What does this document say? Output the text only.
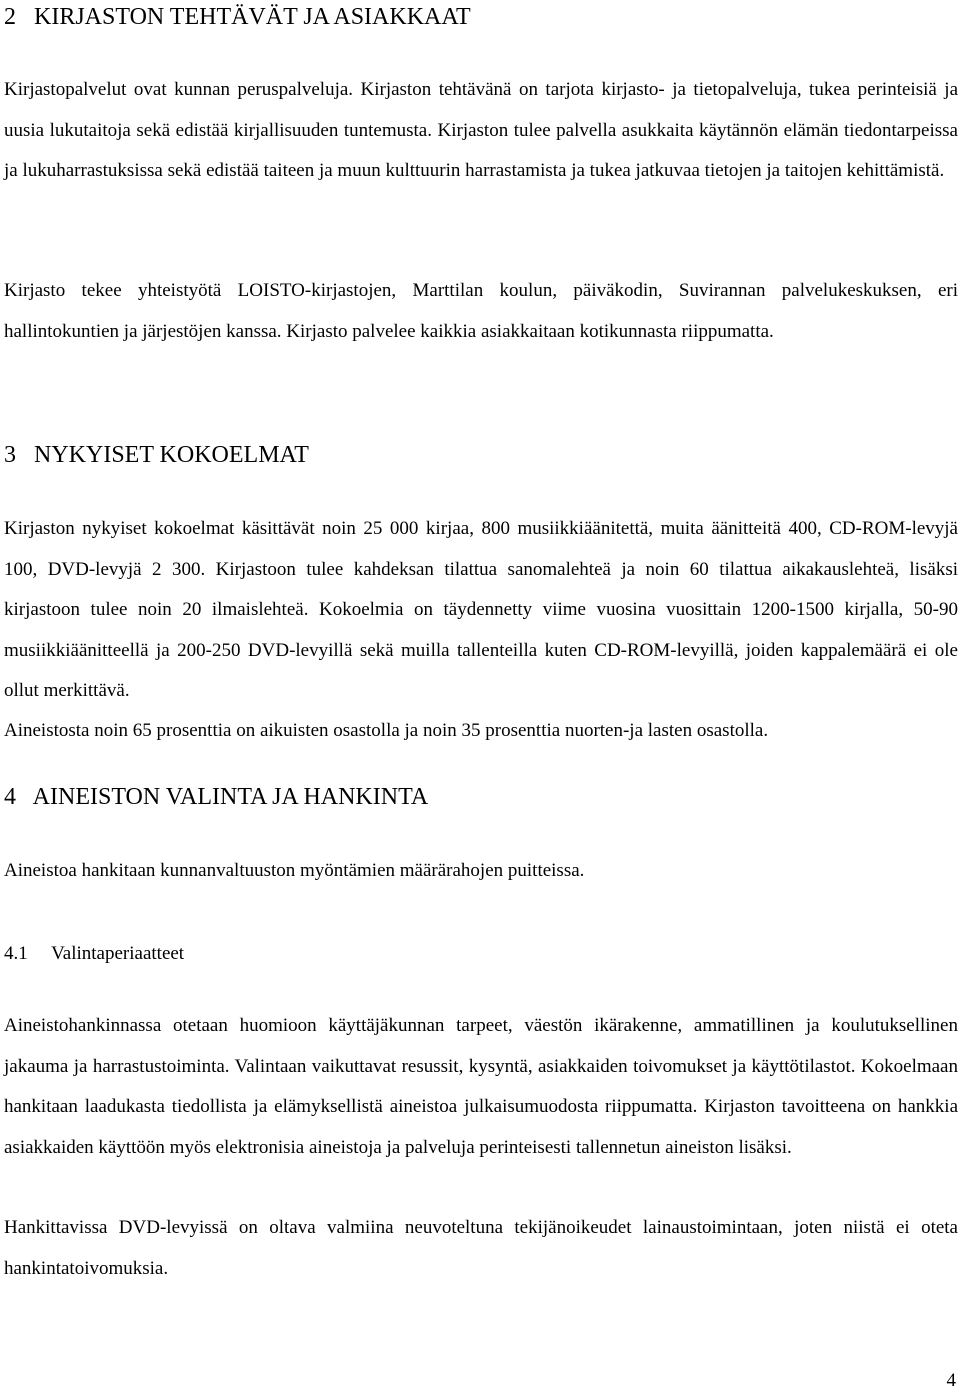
2   KIRJASTON TEHTÄVÄT JA ASIAKKAAT

Kirjastopalvelut ovat kunnan peruspalveluja. Kirjaston tehtävänä on tarjota kirjasto- ja tietopalveluja, tukea perinteisiä ja uusia lukutaitoja sekä edistää kirjallisuuden tuntemusta. Kirjaston tulee palvella asukkaita käytännön elämän tiedontarpeissa ja lukuharrastuksissa sekä edistää taiteen ja muun kulttuurin harrastamista ja tukea jatkuvaa tietojen ja taitojen kehittämistä.

Kirjasto tekee yhteistyötä LOISTO-kirjastojen, Marttilan koulun, päiväkodin, Suvirannan palvelukeskuksen, eri hallintokuntien ja järjestöjen kanssa. Kirjasto palvelee kaikkia asiakkaitaan kotikunnasta riippumatta.

3   NYKYISET KOKOELMAT

Kirjaston nykyiset kokoelmat käsittävät noin 25 000 kirjaa, 800 musiikkiäänitettä, muita äänitteitä 400, CD-ROM-levyjä 100, DVD-levyjä 2 300. Kirjastoon tulee kahdeksan tilattua sanomalehteä ja noin 60 tilattua aikakauslehteä, lisäksi kirjastoon tulee noin 20 ilmaislehteä. Kokoelmia on täydennetty viime vuosina vuosittain 1200-1500 kirjalla, 50-90 musiikkiäänitteellä ja 200-250 DVD-levyillä sekä muilla tallenteilla kuten CD-ROM-levyillä, joiden kappalemäärä ei ole ollut merkittävä.

Aineistosta noin 65 prosenttia on aikuisten osastolla ja noin 35 prosenttia nuorten-ja lasten osastolla.

4   AINEISTON VALINTA JA HANKINTA

Aineistoa hankitaan kunnanvaltuuston myöntämien määrärahojen puitteissa.

4.1     Valintaperiaatteet

Aineistohankinnassa otetaan huomioon käyttäjäkunnan tarpeet, väestön ikärakenne, ammatillinen ja koulutuksellinen jakauma ja harrastustoiminta. Valintaan vaikuttavat resussit, kysyntä, asiakkaiden toivomukset ja käyttötilastot. Kokoelmaan hankitaan laadukasta tiedollista ja elämyksellistä aineistoa julkaisumuodosta riippumatta. Kirjaston tavoitteena on hankkia asiakkaiden käyttöön myös elektronisia aineistoja ja palveluja perinteisesti tallennetun aineiston lisäksi.

Hankittavissa DVD-levyissä on oltava valmiina neuvoteltuna tekijänoikeudet lainaustoimintaan, joten niistä ei oteta hankintatoivomuksia.

4
